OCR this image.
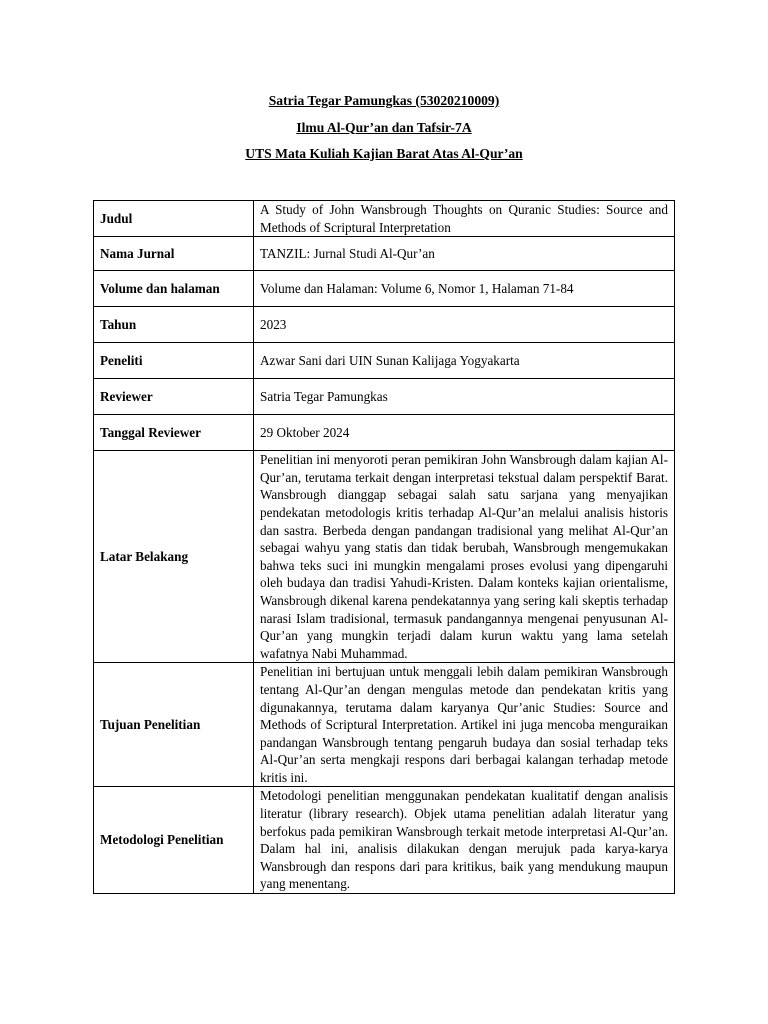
Satria Tegar Pamungkas (53020210009)
Ilmu Al-Qur’an dan Tafsir-7A
UTS Mata Kuliah Kajian Barat Atas Al-Qur’an
Judul	A Study of John Wansbrough Thoughts on Quranic Studies: Source and Methods of Scriptural Interpretation
Nama Jurnal	TANZIL: Jurnal Studi Al-Qur’an
Volume dan halaman	Volume dan Halaman: Volume 6, Nomor 1, Halaman 71-84
Tahun	2023
Peneliti	Azwar Sani dari UIN Sunan Kalijaga Yogyakarta
Reviewer	Satria Tegar Pamungkas
Tanggal Reviewer	29 Oktober 2024
Latar Belakang	Penelitian ini menyoroti peran pemikiran John Wansbrough dalam kajian Al-Qur’an, terutama terkait dengan interpretasi tekstual dalam perspektif Barat. Wansbrough dianggap sebagai salah satu sarjana yang menyajikan pendekatan metodologis kritis terhadap Al-Qur’an melalui analisis historis dan sastra. Berbeda dengan pandangan tradisional yang melihat Al-Qur’an sebagai wahyu yang statis dan tidak berubah, Wansbrough mengemukakan bahwa teks suci ini mungkin mengalami proses evolusi yang dipengaruhi oleh budaya dan tradisi Yahudi-Kristen. Dalam konteks kajian orientalisme, Wansbrough dikenal karena pendekatannya yang sering kali skeptis terhadap narasi Islam tradisional, termasuk pandangannya mengenai penyusunan Al-Qur’an yang mungkin terjadi dalam kurun waktu yang lama setelah wafatnya Nabi Muhammad.
Tujuan Penelitian	Penelitian ini bertujuan untuk menggali lebih dalam pemikiran Wansbrough tentang Al-Qur’an dengan mengulas metode dan pendekatan kritis yang digunakannya, terutama dalam karyanya Qur’anic Studies: Source and Methods of Scriptural Interpretation. Artikel ini juga mencoba menguraikan pandangan Wansbrough tentang pengaruh budaya dan sosial terhadap teks Al-Qur’an serta mengkaji respons dari berbagai kalangan terhadap metode kritis ini.
Metodologi Penelitian	Metodologi penelitian menggunakan pendekatan kualitatif dengan analisis literatur (library research). Objek utama penelitian adalah literatur yang berfokus pada pemikiran Wansbrough terkait metode interpretasi Al-Qur’an. Dalam hal ini, analisis dilakukan dengan merujuk pada karya-karya Wansbrough dan respons dari para kritikus, baik yang mendukung maupun yang menentang.
